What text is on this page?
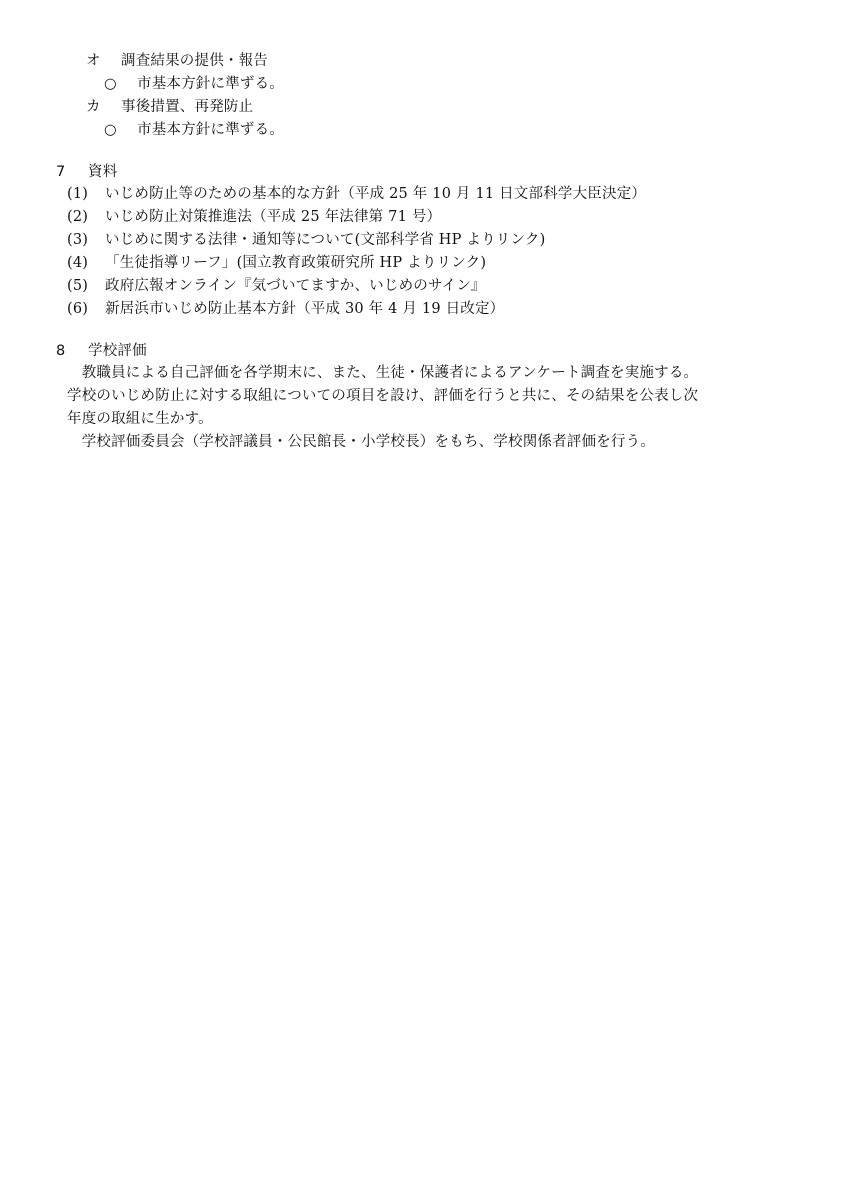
オ 調査結果の提供・報告
○ 市基本方針に準ずる。
カ 事後措置、再発防止
○ 市基本方針に準ずる。
7 資料
(1) いじめ防止等のための基本的な方針（平成 25 年 10 月 11 日文部科学大臣決定）
(2) いじめ防止対策推進法（平成 25 年法律第 71 号）
(3) いじめに関する法律・通知等について(文部科学省 HP よりリンク)
(4) 「生徒指導リーフ」(国立教育政策研究所 HP よりリンク)
(5) 政府広報オンライン『気づいてますか、いじめのサイン』
(6) 新居浜市いじめ防止基本方針（平成 30 年 4 月 19 日改定）
8 学校評価
　教職員による自己評価を各学期末に、また、生徒・保護者によるアンケート調査を実施する。
学校のいじめ防止に対する取組についての項目を設け、評価を行うと共に、その結果を公表し次
年度の取組に生かす。
　学校評価委員会（学校評議員・公民館長・小学校長）をもち、学校関係者評価を行う。
